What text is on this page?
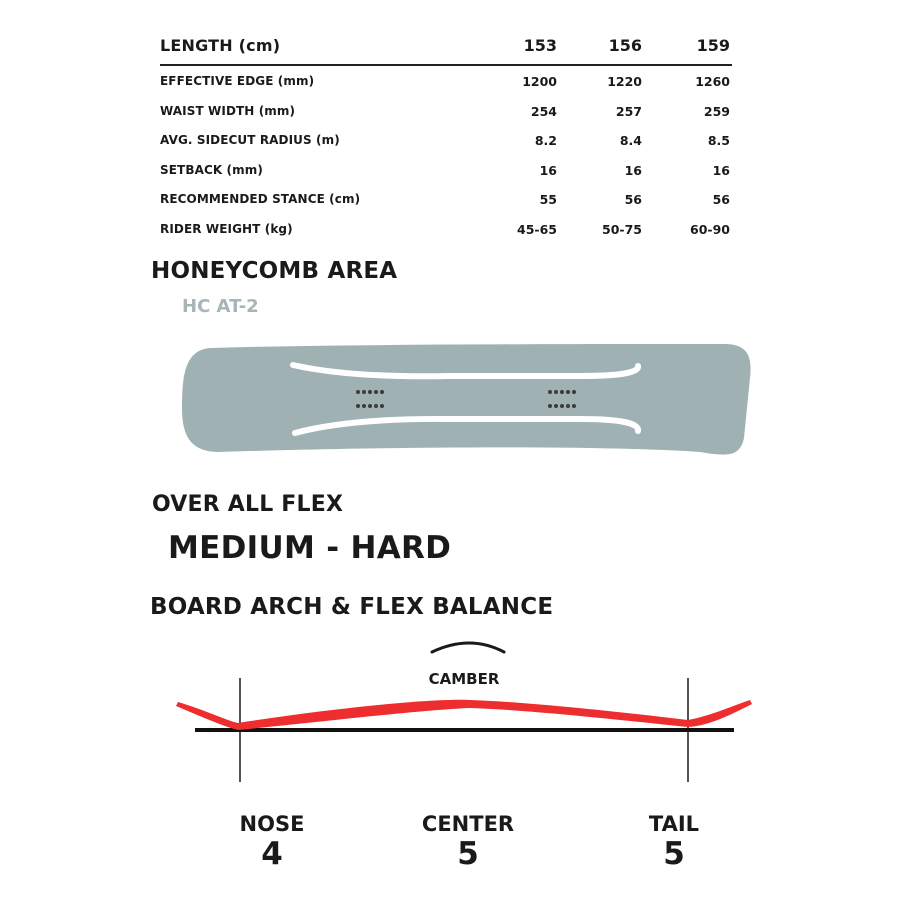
LENGTH (cm)	153	156	159
EFFECTIVE EDGE (mm)	1200	1220	1260
WAIST WIDTH (mm)	254	257	259
AVG. SIDECUT RADIUS (m)	8.2	8.4	8.5
SETBACK (mm)	16	16	16
RECOMMENDED STANCE (cm)	55	56	56
RIDER WEIGHT (kg)	45-65	50-75	60-90
HONEYCOMB AREA
HC AT-2
OVER ALL FLEX
MEDIUM - HARD
BOARD ARCH & FLEX BALANCE
CAMBER
NOSE
4
CENTER
5
TAIL
5
